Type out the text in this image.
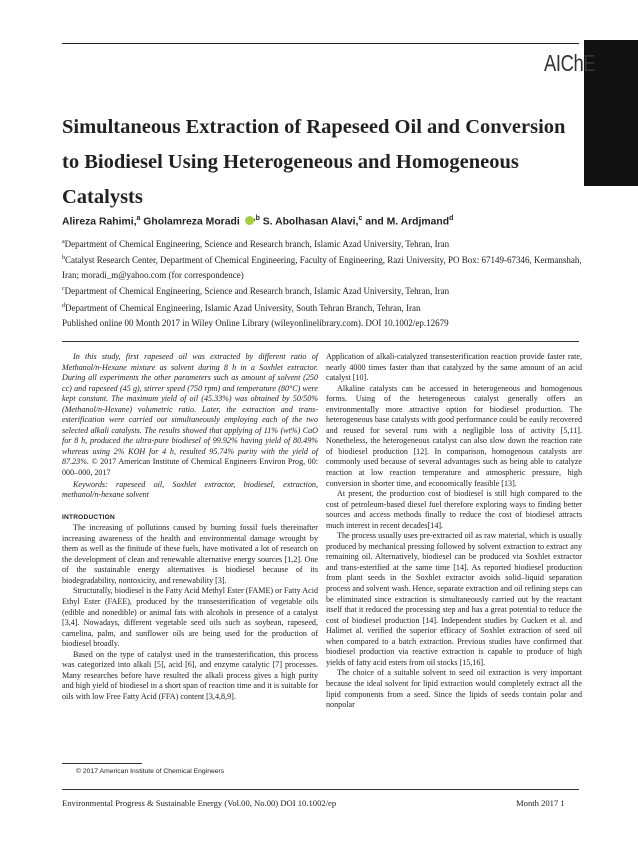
AIChE
Simultaneous Extraction of Rapeseed Oil and Conversion to Biodiesel Using Heterogeneous and Homogeneous Catalysts
Alireza Rahimi,$^a$ Gholamreza Moradi $^{,b}$ S. Abolhasan Alavi,$^c$ and M. Ardjmand$^d$
$^a$Department of Chemical Engineering, Science and Research branch, Islamic Azad University, Tehran, Iran
$^b$Catalyst Research Center, Department of Chemical Engineering, Faculty of Engineering, Razi University, PO Box: 67149-67346, Kermanshah, Iran; moradi_m@yahoo.com (for correspondence)
$^c$Department of Chemical Engineering, Science and Research branch, Islamic Azad University, Tehran, Iran
$^d$Department of Chemical Engineering, Islamic Azad University, South Tehran Branch, Tehran, Iran
Published online 00 Month 2017 in Wiley Online Library (wileyonlinelibrary.com). DOI 10.1002/ep.12679

In this study, first rapeseed oil was extracted by different ratio of Methanol/n-Hexane mixture as solvent during 8 h in a Soxhlet extractor. During all experiments the other parameters such as amount of solvent (250 cc) and rapeseed (45 g), stirrer speed (750 rpm) and temperature (80°C) were kept constant. The maximum yield of oil (45.33%) was obtained by 50/50% (Methanol/n-Hexane) volumetric ratio. Later, the extraction and trans-esterification were carried out simultaneously employing each of the two selected alkali catalysts. The results showed that applying of 11% (wt%) CaO for 8 h, produced the ultra-pure biodiesel of 99.92% having yield of 80.49% whereas using 2% KOH for 4 h, resulted 95.74% purity with the yield of 87.23%. © 2017 American Institute of Chemical Engineers Environ Prog, 00: 000–000, 2017

Keywords: rapeseed oil, Soxhlet extractor, biodiesel, extraction, methanol/n-hexane solvent

INTRODUCTION

The increasing of pollutions caused by burning fossil fuels thereinafter increasing awareness of the health and environmental damage wrought by them as well as the finitude of these fuels, have motivated a lot of research on the development of clean and renewable alternative energy sources [1,2]. One of the sustainable energy alternatives is biodiesel because of its biodegradability, nontoxicity, and renewability [3].

Structurally, biodiesel is the Fatty Acid Methyl Ester (FAME) or Fatty Acid Ethyl Ester (FAEE), produced by the transesterification of vegetable oils (edible and nonedible) or animal fats with alcohols in presence of a catalyst [3,4]. Nowadays, different vegetable seed oils such as soybean, rapeseed, camelina, palm, and sunflower oils are being used for the production of biodiesel broadly.

Based on the type of catalyst used in the transesterification, this process was categorized into alkali [5], acid [6], and enzyme catalytic [7] processes. Many researches before have resulted the alkali process gives a high purity and high yield of biodiesel in a short span of reaction time and it is suitable for oils with low Free Fatty Acid (FFA) content [3,4,8,9].

Application of alkali-catalyzed transesterification reaction provide faster rate, nearly 4000 times faster than that catalyzed by the same amount of an acid catalyst [10].

Alkaline catalysts can be accessed in heterogeneous and homogenous forms. Using of the heterogeneous catalyst generally offers an environmentally more attractive option for biodiesel production. The heterogeneous base catalysts with good performance could be easily recovered and reused for several runs with a negligible loss of activity [5,11]. Nonetheless, the heterogeneous catalyst can also slow down the reaction rate of biodiesel production [12]. In comparison, homogenous catalysts are commonly used because of several advantages such as being able to catalyze reaction at low reaction temperature and atmospheric pressure, high conversion in shorter time, and economically feasible [13].

At present, the production cost of biodiesel is still high compared to the cost of petroleum-based diesel fuel therefore exploring ways to finding better sources and access methods finally to reduce the cost of biodiesel attracts much interest in recent decades[14].

The process usually uses pre-extracted oil as raw material, which is usually produced by mechanical pressing followed by solvent extraction to extract any remaining oil. Alternatively, biodiesel can be produced via Soxhlet extractor and trans-esterified at the same time [14]. As reported biodiesel production from plant seeds in the Soxhlet extractor avoids solid–liquid separation process and solvent wash. Hence, separate extraction and oil refining steps can be eliminated since extraction is simultaneously carried out by the reactant itself that it reduced the processing step and has a great potential to reduce the cost of biodiesel production [14]. Independent studies by Guckert et al. and Halimet al. verified the superior efficacy of Soxhlet extraction of seed oil when compared to a batch extraction. Previous studies have confirmed that biodiesel production via reactive extraction is capable to produce of high yields of fatty acid esters from oil stocks [15,16].

The choice of a suitable solvent to seed oil extraction is very important because the ideal solvent for lipid extraction would completely extract all the lipid components from a seed. Since the lipids of seeds contain polar and nonpolar

© 2017 American Institute of Chemical Engineers
Environmental Progress & Sustainable Energy (Vol.00, No.00) DOI 10.1002/ep	Month 2017 1
